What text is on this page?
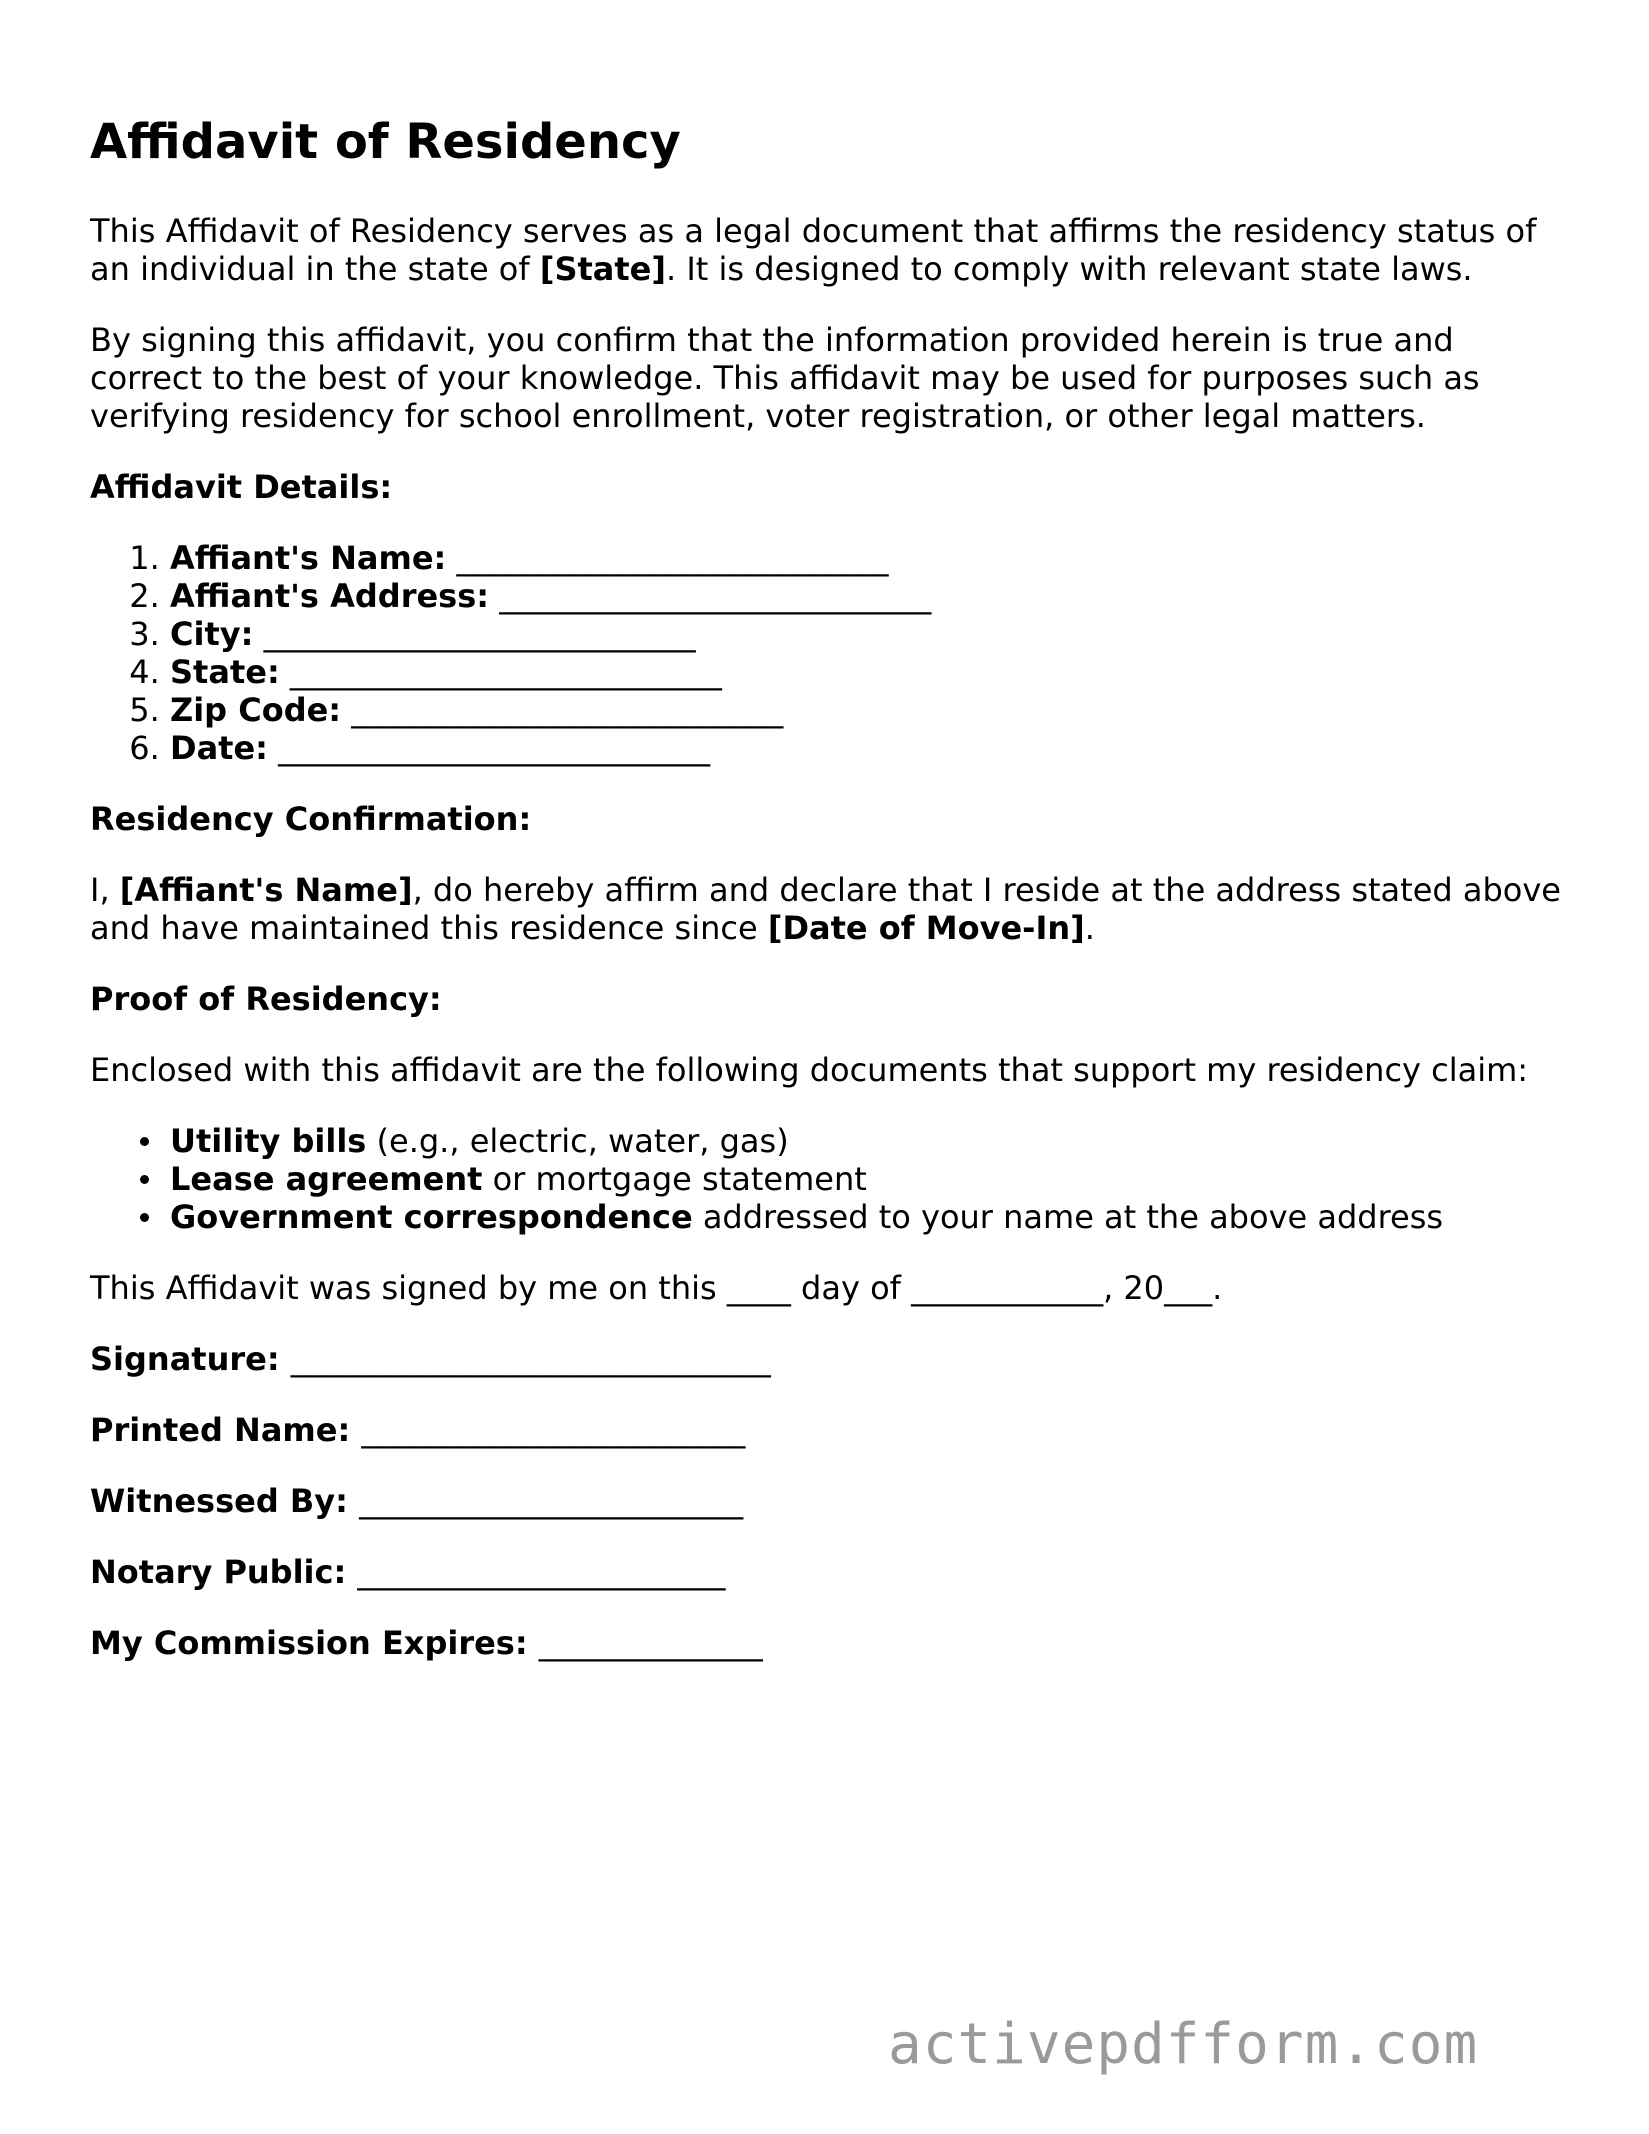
Affidavit of Residency

This Affidavit of Residency serves as a legal document that affirms the residency status of an individual in the state of [State]. It is designed to comply with relevant state laws.

By signing this affidavit, you confirm that the information provided herein is true and correct to the best of your knowledge. This affidavit may be used for purposes such as verifying residency for school enrollment, voter registration, or other legal matters.

Affidavit Details:

1. Affiant's Name: ___________________________
2. Affiant's Address: ___________________________
3. City: ___________________________
4. State: ___________________________
5. Zip Code: ___________________________
6. Date: ___________________________

Residency Confirmation:

I, [Affiant's Name], do hereby affirm and declare that I reside at the address stated above and have maintained this residence since [Date of Move-In].

Proof of Residency:

Enclosed with this affidavit are the following documents that support my residency claim:

Utility bills (e.g., electric, water, gas)
Lease agreement or mortgage statement
Government correspondence addressed to your name at the above address

This Affidavit was signed by me on this ____ day of ____________, 20___.

Signature: ______________________________

Printed Name: ________________________

Witnessed By: ________________________

Notary Public: _______________________

My Commission Expires: ______________

activepdfform.com
